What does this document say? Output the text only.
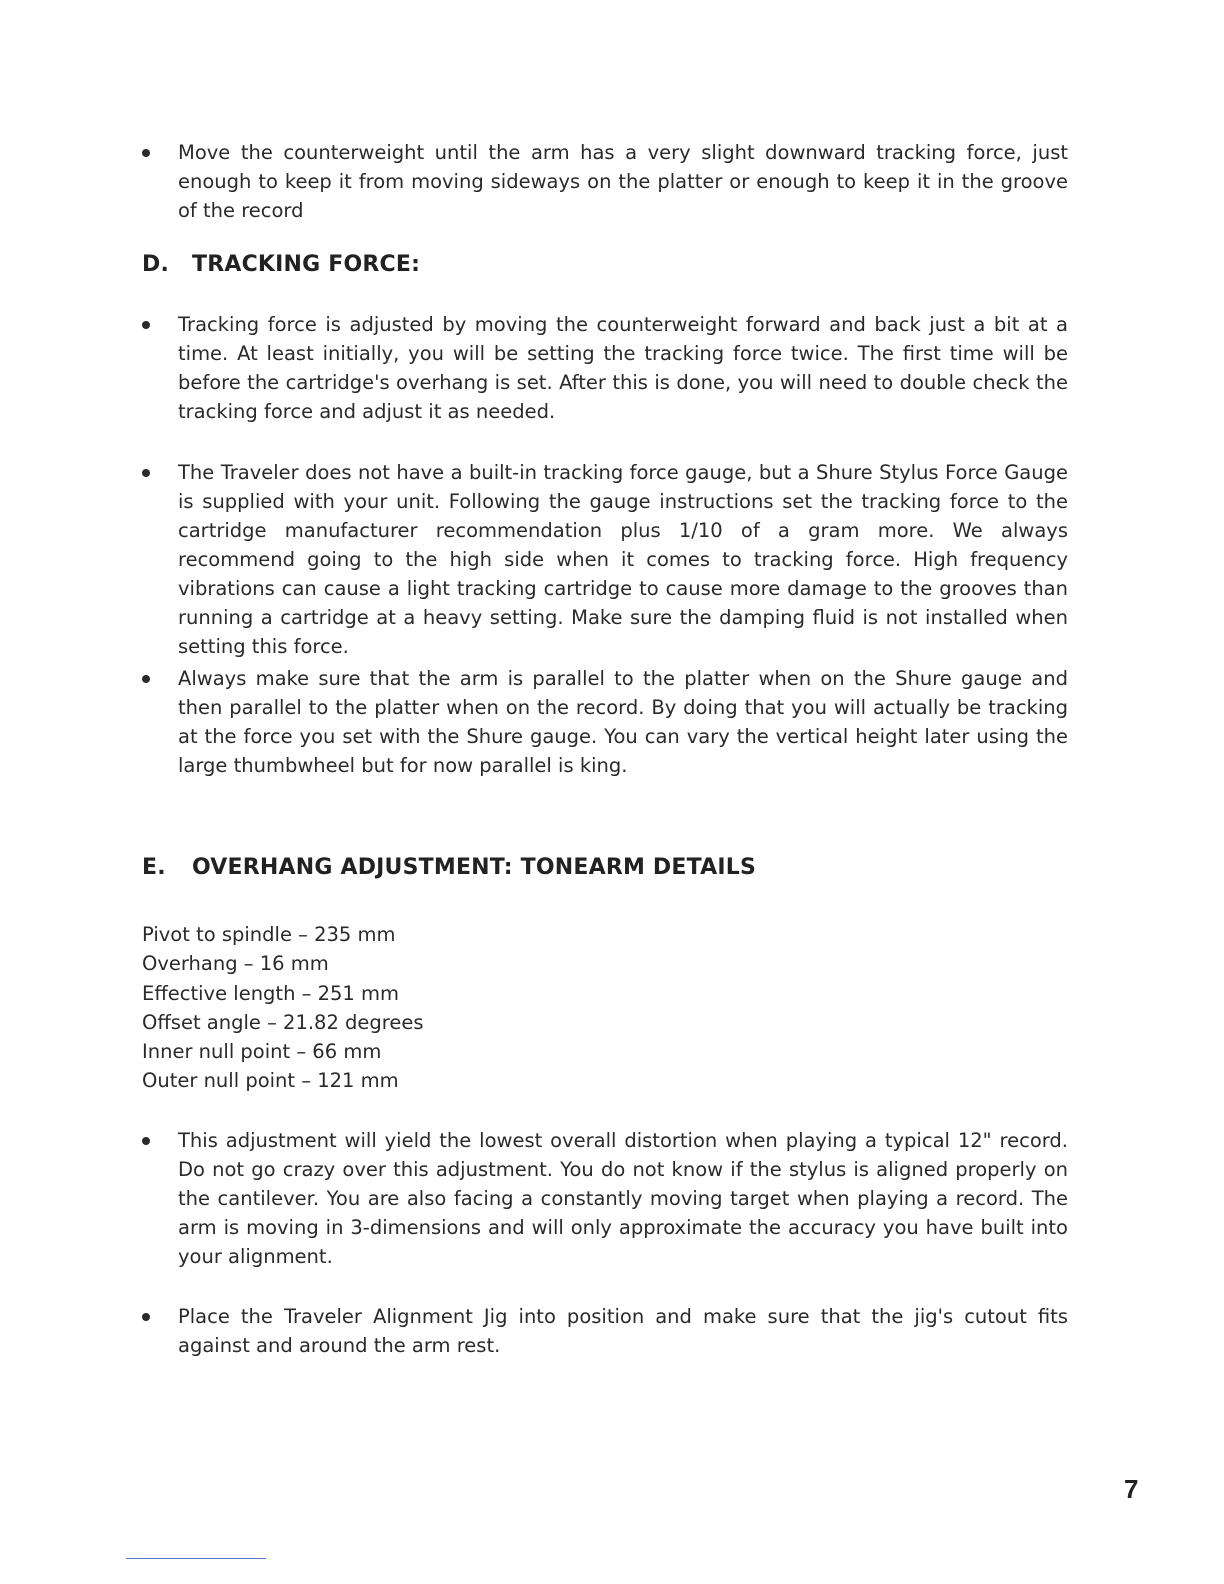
Move the counterweight until the arm has a very slight downward tracking force, just enough to keep it from moving sideways on the platter or enough to keep it in the groove of the record
D. TRACKING FORCE:
Tracking force is adjusted by moving the counterweight forward and back just a bit at a time. At least initially, you will be setting the tracking force twice. The first time will be before the cartridge's overhang is set. After this is done, you will need to double check the tracking force and adjust it as needed.
The Traveler does not have a built-in tracking force gauge, but a Shure Stylus Force Gauge is supplied with your unit. Following the gauge instructions set the tracking force to the cartridge manufacturer recommendation plus 1/10 of a gram more. We always recommend going to the high side when it comes to tracking force. High frequency vibrations can cause a light tracking cartridge to cause more damage to the grooves than running a cartridge at a heavy setting. Make sure the damping fluid is not installed when setting this force.
Always make sure that the arm is parallel to the platter when on the Shure gauge and then parallel to the platter when on the record. By doing that you will actually be tracking at the force you set with the Shure gauge. You can vary the vertical height later using the large thumbwheel but for now parallel is king.
E. OVERHANG ADJUSTMENT: TONEARM DETAILS
Pivot to spindle – 235 mm
Overhang – 16 mm
Effective length – 251 mm
Offset angle – 21.82 degrees
Inner null point – 66 mm
Outer null point – 121 mm
This adjustment will yield the lowest overall distortion when playing a typical 12" record. Do not go crazy over this adjustment. You do not know if the stylus is aligned properly on the cantilever. You are also facing a constantly moving target when playing a record. The arm is moving in 3-dimensions and will only approximate the accuracy you have built into your alignment.
Place the Traveler Alignment Jig into position and make sure that the jig's cutout fits against and around the arm rest.
7
